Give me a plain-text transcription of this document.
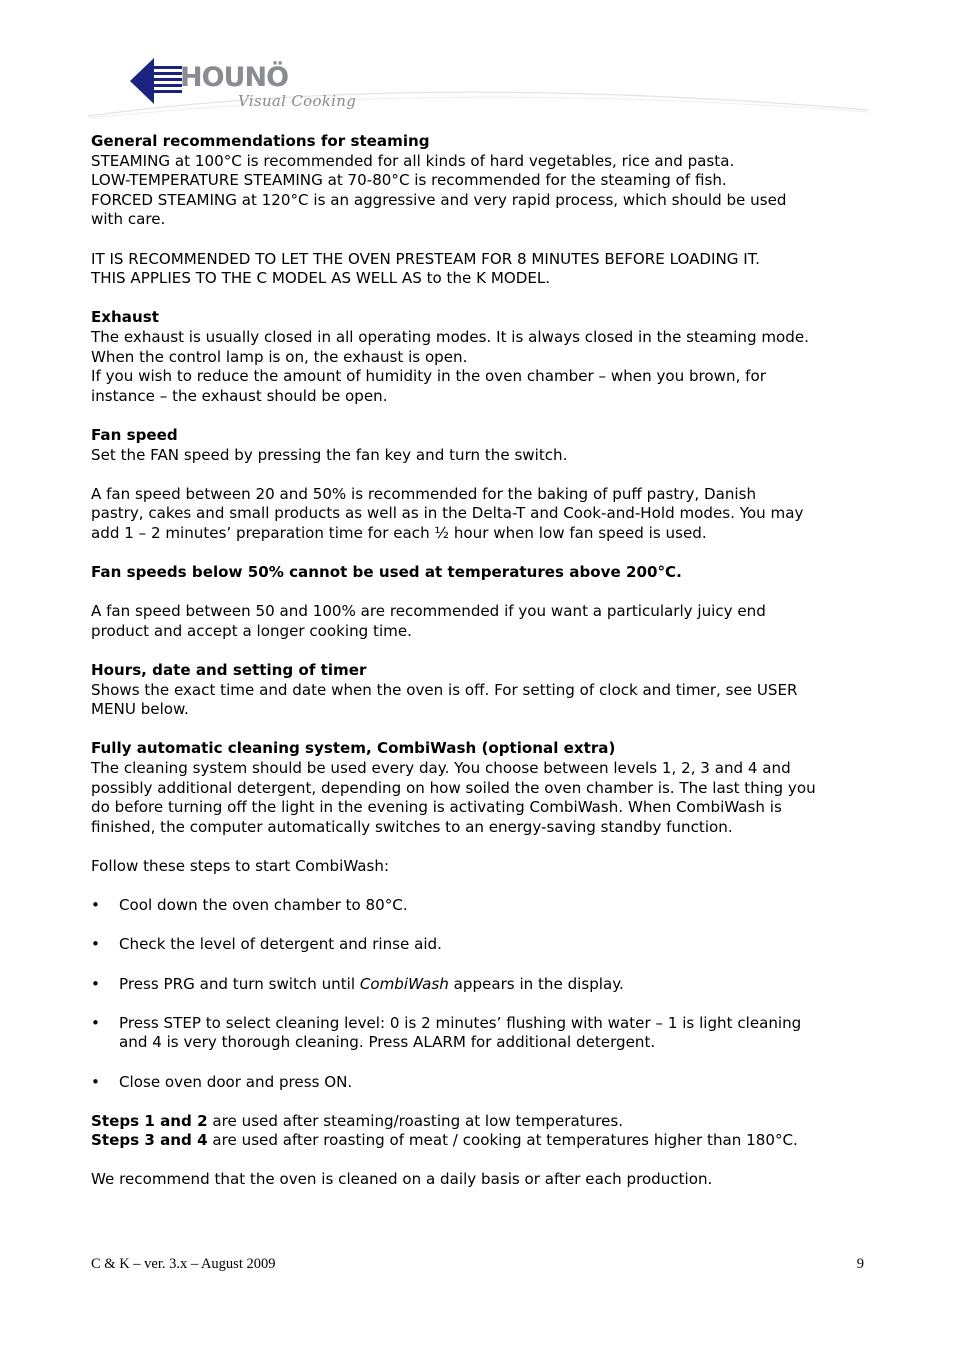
HOUNÖ
Visual Cooking
General recommendations for steaming

STEAMING at 100°C is recommended for all kinds of hard vegetables, rice and pasta.
LOW-TEMPERATURE STEAMING at 70-80°C is recommended for the steaming of fish.
FORCED STEAMING at 120°C is an aggressive and very rapid process, which should be used
with care.

IT IS RECOMMENDED TO LET THE OVEN PRESTEAM FOR 8 MINUTES BEFORE LOADING IT.
THIS APPLIES TO THE C MODEL AS WELL AS to the K MODEL.

Exhaust

The exhaust is usually closed in all operating modes. It is always closed in the steaming mode.
When the control lamp is on, the exhaust is open.
If you wish to reduce the amount of humidity in the oven chamber – when you brown, for
instance – the exhaust should be open.

Fan speed

Set the FAN speed by pressing the fan key and turn the switch.

A fan speed between 20 and 50% is recommended for the baking of puff pastry, Danish
pastry, cakes and small products as well as in the Delta-T and Cook-and-Hold modes. You may
add 1 – 2 minutes’ preparation time for each ½ hour when low fan speed is used.

Fan speeds below 50% cannot be used at temperatures above 200°C.

A fan speed between 50 and 100% are recommended if you want a particularly juicy end
product and accept a longer cooking time.

Hours, date and setting of timer

Shows the exact time and date when the oven is off. For setting of clock and timer, see USER
MENU below.

Fully automatic cleaning system, CombiWash (optional extra)

The cleaning system should be used every day. You choose between levels 1, 2, 3 and 4 and
possibly additional detergent, depending on how soiled the oven chamber is. The last thing you
do before turning off the light in the evening is activating CombiWash. When CombiWash is
finished, the computer automatically switches to an energy-saving standby function.

Follow these steps to start CombiWash:

• Cool down the oven chamber to 80°C.
• Check the level of detergent and rinse aid.
• Press PRG and turn switch until CombiWash appears in the display.
• Press STEP to select cleaning level: 0 is 2 minutes’ flushing with water – 1 is light cleaning
and 4 is very thorough cleaning. Press ALARM for additional detergent.
• Close oven door and press ON.

Steps 1 and 2 are used after steaming/roasting at low temperatures.
Steps 3 and 4 are used after roasting of meat / cooking at temperatures higher than 180°C.

We recommend that the oven is cleaned on a daily basis or after each production.

C & K – ver. 3.x – August 2009	9
